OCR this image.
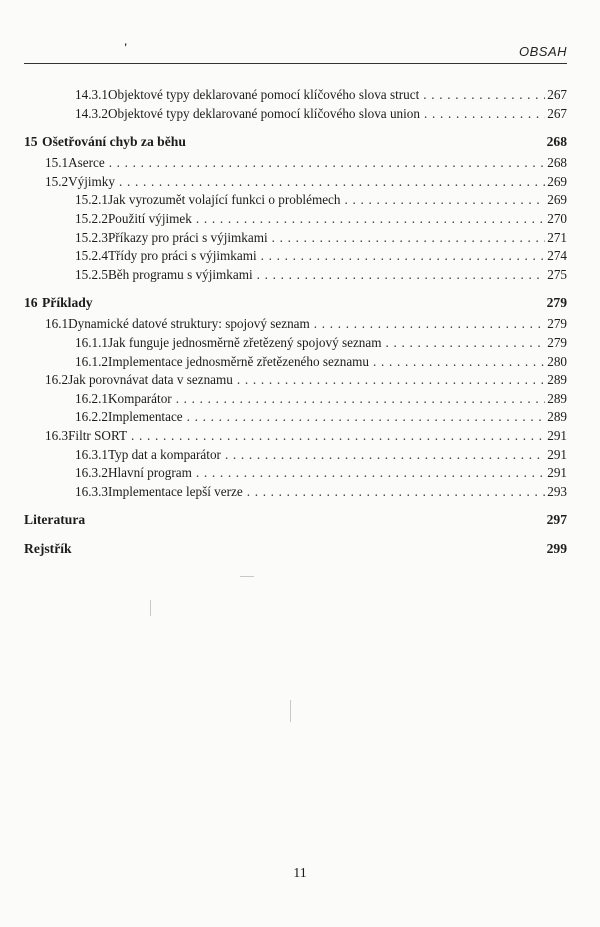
'	OBSAH
14.3.1 Objektové typy deklarované pomocí klíčového slova struct . . .	267
14.3.2 Objektové typy deklarované pomocí klíčového slova union . . .	267
15 Ošetřování chyb za běhu	268
15.1 Aserce . . .	268
15.2 Výjimky . . .	269
15.2.1 Jak vyrozumět volající funkci o problémech . . .	269
15.2.2 Použití výjimek . . .	270
15.2.3 Příkazy pro práci s výjimkami . . .	271
15.2.4 Třídy pro práci s výjimkami . . .	274
15.2.5 Běh programu s výjimkami . . .	275
16 Příklady	279
16.1 Dynamické datové struktury: spojový seznam . . .	279
16.1.1 Jak funguje jednosměrně zřetězený spojový seznam . . .	279
16.1.2 Implementace jednosměrně zřetězeného seznamu . . .	280
16.2 Jak porovnávat data v seznamu . . .	289
16.2.1 Komparátor . . .	289
16.2.2 Implementace . . .	289
16.3 Filtr SORT . . .	291
16.3.1 Typ dat a komparátor . . .	291
16.3.2 Hlavní program . . .	291
16.3.3 Implementace lepší verze . . .	293
Literatura	297
Rejstřík	299
11
